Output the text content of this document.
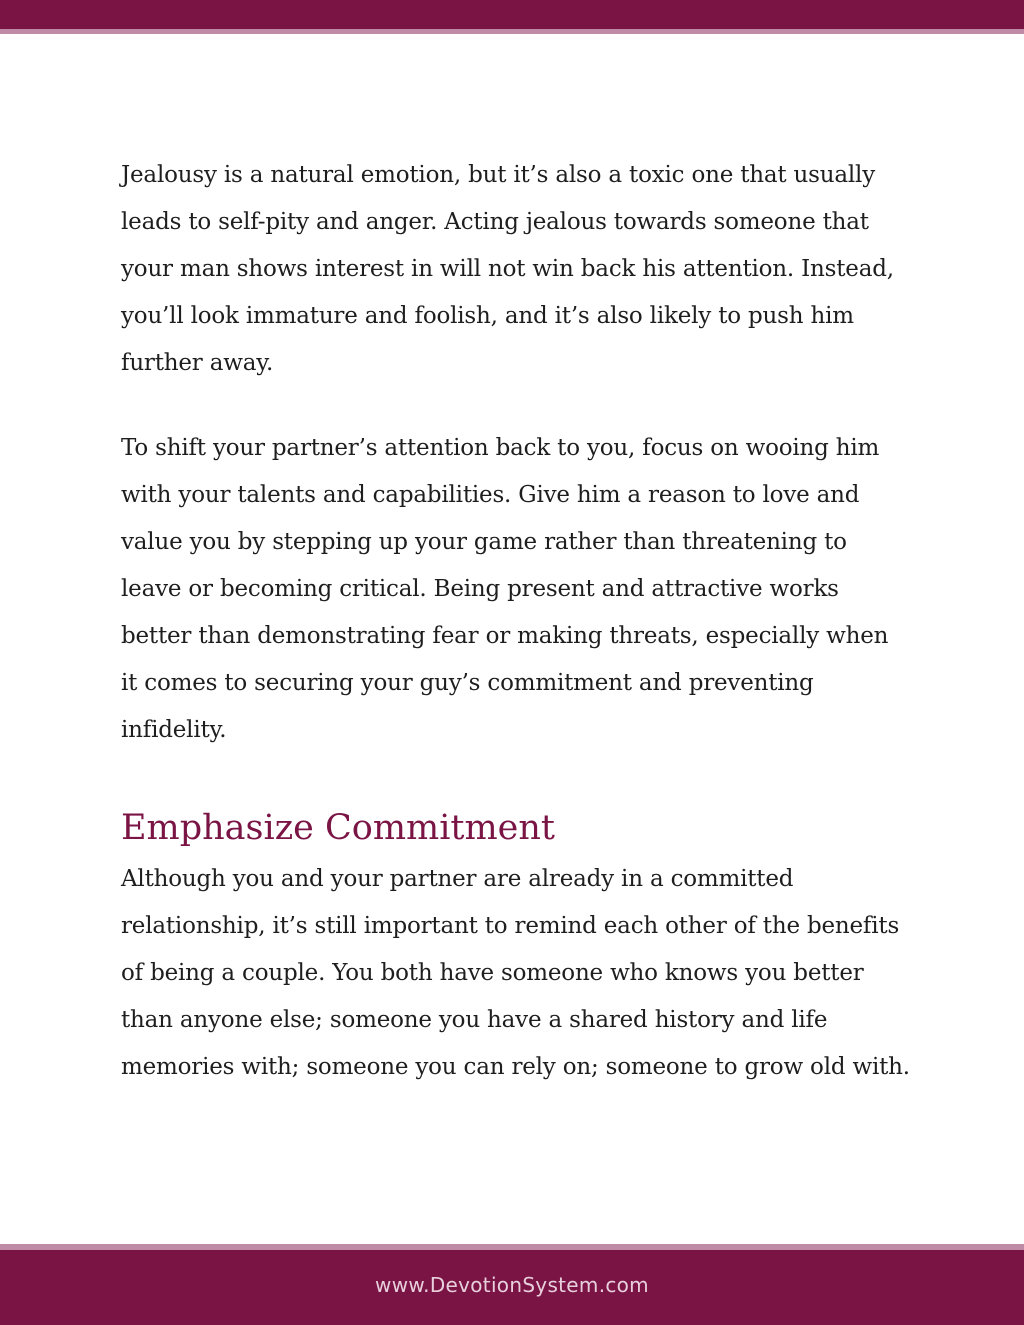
Jealousy is a natural emotion, but it’s also a toxic one that usually leads to self-pity and anger. Acting jealous towards someone that your man shows interest in will not win back his attention. Instead, you’ll look immature and foolish, and it’s also likely to push him further away.

To shift your partner’s attention back to you, focus on wooing him with your talents and capabilities. Give him a reason to love and value you by stepping up your game rather than threatening to leave or becoming critical. Being present and attractive works better than demonstrating fear or making threats, especially when it comes to securing your guy’s commitment and preventing infidelity.

Emphasize Commitment

Although you and your partner are already in a committed relationship, it’s still important to remind each other of the benefits of being a couple. You both have someone who knows you better than anyone else; someone you have a shared history and life memories with; someone you can rely on; someone to grow old with.

www.DevotionSystem.com
